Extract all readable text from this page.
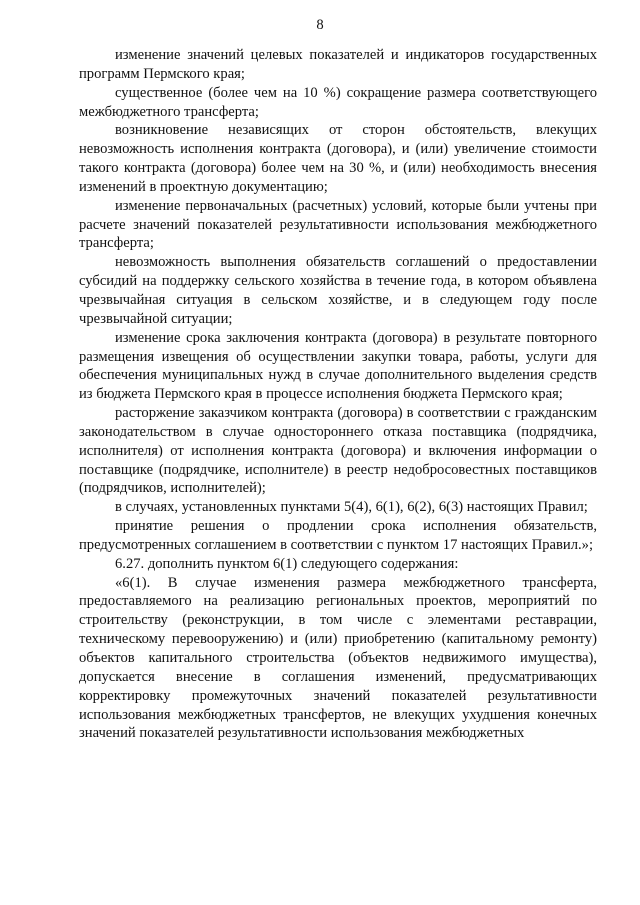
8

изменение значений целевых показателей и индикаторов государственных программ Пермского края;

существенное (более чем на 10 %) сокращение размера соответствующего межбюджетного трансферта;

возникновение независящих от сторон обстоятельств, влекущих невозможность исполнения контракта (договора), и (или) увеличение стоимости такого контракта (договора) более чем на 30 %, и (или) необходимость внесения изменений в проектную документацию;

изменение первоначальных (расчетных) условий, которые были учтены при расчете значений показателей результативности использования межбюджетного трансферта;

невозможность выполнения обязательств соглашений о предоставлении субсидий на поддержку сельского хозяйства в течение года, в котором объявлена чрезвычайная ситуация в сельском хозяйстве, и в следующем году после чрезвычайной ситуации;

изменение срока заключения контракта (договора) в результате повторного размещения извещения об осуществлении закупки товара, работы, услуги для обеспечения муниципальных нужд в случае дополнительного выделения средств из бюджета Пермского края в процессе исполнения бюджета Пермского края;

расторжение заказчиком контракта (договора) в соответствии с гражданским законодательством в случае одностороннего отказа поставщика (подрядчика, исполнителя) от исполнения контракта (договора) и включения информации о поставщике (подрядчике, исполнителе) в реестр недобросовестных поставщиков (подрядчиков, исполнителей);

в случаях, установленных пунктами 5(4), 6(1), 6(2), 6(3) настоящих Правил;

принятие решения о продлении срока исполнения обязательств, предусмотренных соглашением в соответствии с пунктом 17 настоящих Правил.»;

6.27. дополнить пунктом 6(1) следующего содержания:

«6(1). В случае изменения размера межбюджетного трансферта, предоставляемого на реализацию региональных проектов, мероприятий по строительству (реконструкции, в том числе с элементами реставрации, техническому перевооружению) и (или) приобретению (капитальному ремонту) объектов капитального строительства (объектов недвижимого имущества), допускается внесение в соглашения изменений, предусматривающих корректировку промежуточных значений показателей результативности использования межбюджетных трансфертов, не влекущих ухудшения конечных значений показателей результативности использования межбюджетных
